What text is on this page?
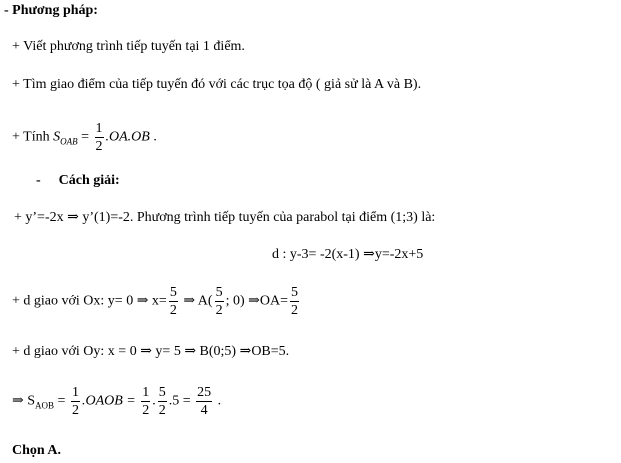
- Phương pháp:
+ Viết phương trình tiếp tuyến tại 1 điểm.
+ Tìm giao điểm của tiếp tuyến đó với các trục tọa độ ( giả sử là A và B).
+ Tính $S_{OAB} = \frac{1}{2} .OA.OB$ .
- Cách giải:
+ y’=-2x ⇒ y’(1)=-2. Phương trình tiếp tuyến của parabol tại điểm (1;3) là:
d : y-3= -2(x-1) ⇒y=-2x+5
+ d giao với Ox: y= 0 ⇒ $x= \frac{5}{2}$ ⇒ $A( \frac{5}{2}$ ; 0) ⇒OA= $\frac{5}{2}$
+ d giao với Oy: x = 0 ⇒ y= 5 ⇒ B(0;5) ⇒OB=5.
⇒ $S_{AOB} = \frac{1}{2}$ .OAOB = $\frac{1}{2}$ . $\frac{5}{2} .5 = \frac{25}{4}$ .
Chọn A.
